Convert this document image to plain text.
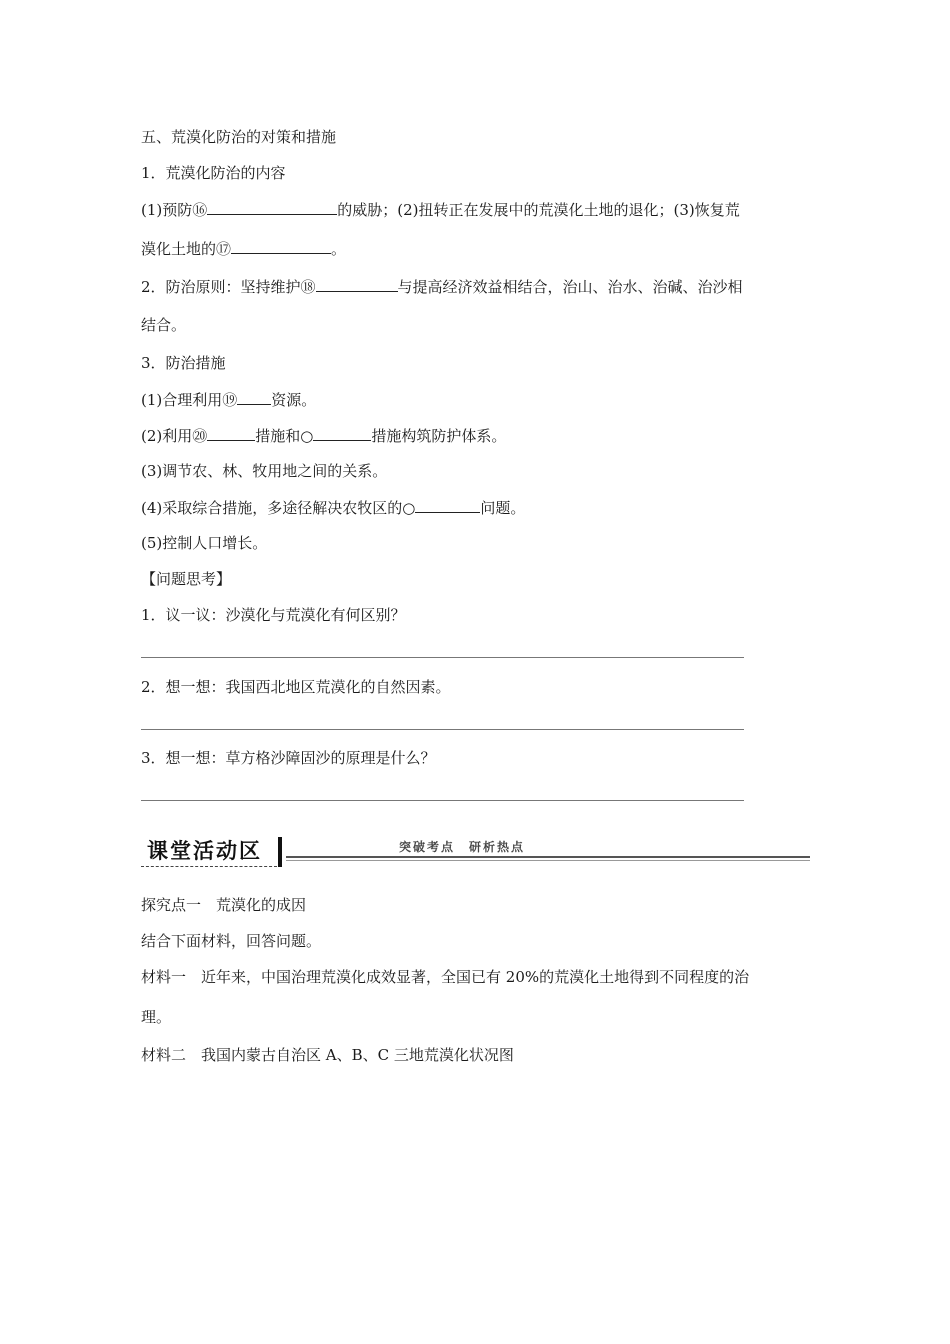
五、荒漠化防治的对策和措施
1．荒漠化防治的内容
(1)预防⑯	的威胁；(2)扭转正在发展中的荒漠化土地的退化；(3)恢复荒
漠化土地的⑰	。
2．防治原则：坚持维护⑱	与提高经济效益相结合，治山、治水、治碱、治沙相
结合。
3．防治措施
(1)合理利用⑲ 资源。
(2)利用⑳	措施和○	措施构筑防护体系。
(3)调节农、林、牧用地之间的关系。
(4)采取综合措施，多途径解决农牧区的○	问题。
(5)控制人口增长。
【问题思考】
1．议一议：沙漠化与荒漠化有何区别？
2．想一想：我国西北地区荒漠化的自然因素。
3．想一想：草方格沙障固沙的原理是什么？
课堂活动区	突破考点　研析热点
探究点一　荒漠化的成因
结合下面材料，回答问题。
材料一　近年来，中国治理荒漠化成效显著，全国已有 20%的荒漠化土地得到不同程度的治
理。
材料二　我国内蒙古自治区 A、B、C 三地荒漠化状况图
